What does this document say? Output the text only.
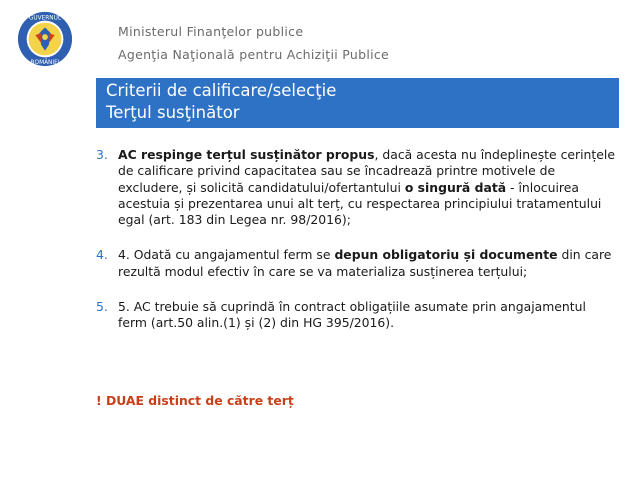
GUVERNUL
ROMÂNIEI
Ministerul Finanţelor publice
Agenţia Naţională pentru Achiziţii Publice
Criterii de calificare/selecţie
Terţul susţinător
3. AC respinge terțul susținător propus, dacă acesta nu îndeplinește cerințele de calificare privind capacitatea sau se încadrează printre motivele de excludere, și solicită candidatului/ofertantului o singură dată - înlocuirea acestuia și prezentarea unui alt terț, cu respectarea principiului tratamentului egal (art. 183 din Legea nr. 98/2016);

4. 4. Odată cu angajamentul ferm se depun obligatoriu și documente din care rezultă modul efectiv în care se va materializa susținerea terțului;

5. 5. AC trebuie să cuprindă în contract obligațiile asumate prin angajamentul ferm (art.50 alin.(1) și (2) din HG 395/2016).

! DUAE distinct de către terț
